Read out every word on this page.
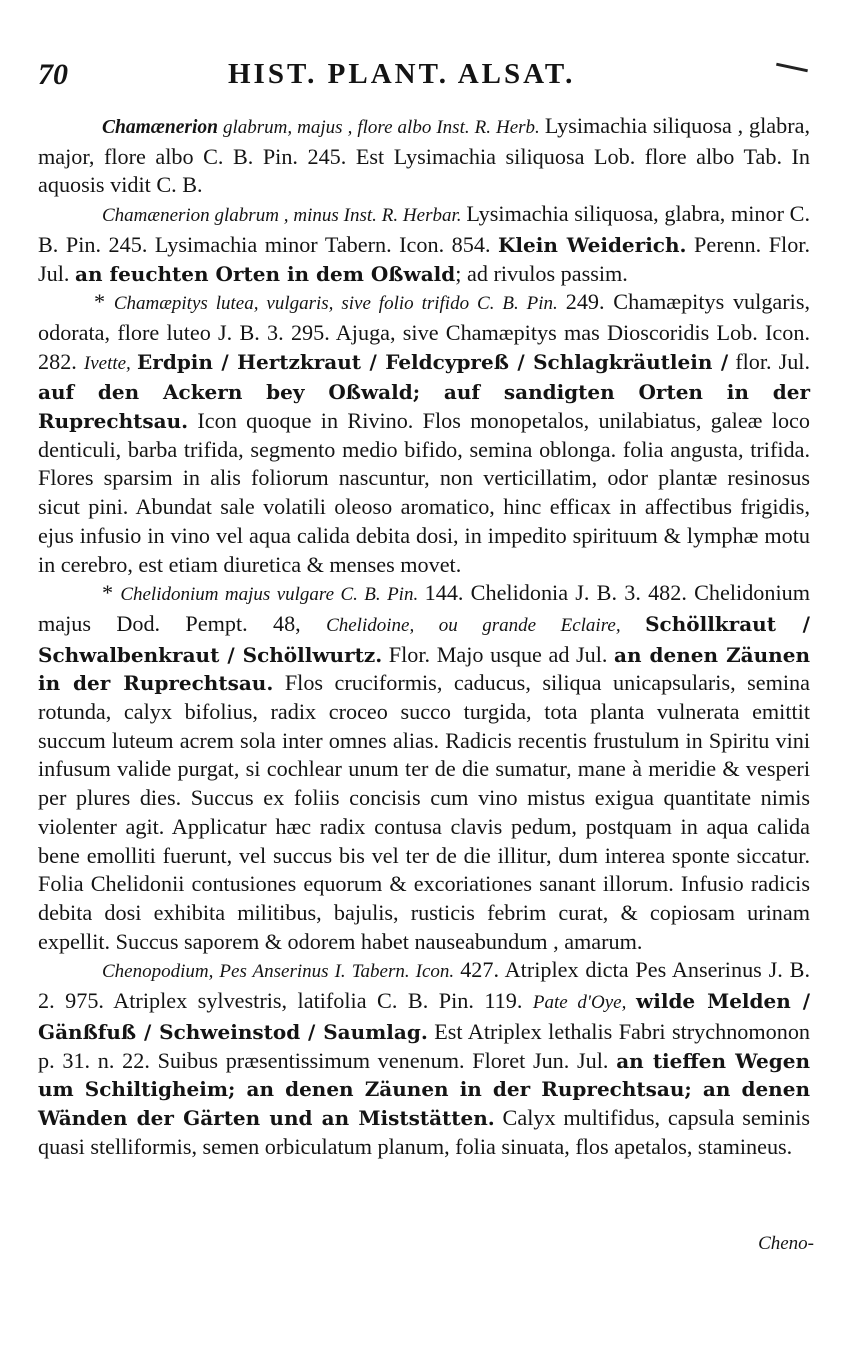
70	HIST. PLANT. ALSAT.

Chamænerion glabrum, majus , flore albo Inst. R. Herb. Lysimachia siliquosa , glabra, major, flore albo C. B. Pin. 245. Est Lysimachia siliquosa Lob. flore albo Tab. In aquosis vidit C. B.

Chamænerion glabrum , minus Inst. R. Herbar. Lysimachia siliquosa, glabra, minor C. B. Pin. 245. Lysimachia minor Tabern. Icon. 854. Klein Weiderich. Perenn. Flor. Jul. an feuchten Orten in dem Oßwald; ad rivulos passim.

* Chamæpitys lutea, vulgaris, sive folio trifido C. B. Pin. 249. Chamæpitys vulgaris, odorata, flore luteo J. B. 3. 295. Ajuga, sive Chamæpitys mas Dioscoridis Lob. Icon. 282. Ivette, Erdpin / Hertzkraut / Feldcypreß / Schlagkräutlein / flor. Jul. auf den Ackern bey Oßwald; auf sandigten Orten in der Ruprechtsau. Icon quoque in Rivino. Flos monopetalos, unilabiatus, galeæ loco denticuli, barba trifida, segmento medio bifido, semina oblonga. folia angusta, trifida. Flores sparsim in alis foliorum nascuntur, non verticillatim, odor plantæ resinosus sicut pini. Abundat sale volatili oleoso aromatico, hinc efficax in affectibus frigidis, ejus infusio in vino vel aqua calida debita dosi, in impedito spirituum & lymphæ motu in cerebro, est etiam diuretica & menses movet.

* Chelidonium majus vulgare C. B. Pin. 144. Chelidonia J. B. 3. 482. Chelidonium majus Dod. Pempt. 48, Chelidoine, ou grande Eclaire, Schöllkraut / Schwalbenkraut / Schöllwurtz. Flor. Majo usque ad Jul. an denen Zäunen in der Ruprechtsau. Flos cruciformis, caducus, siliqua unicapsularis, semina rotunda, calyx bifolius, radix croceo succo turgida, tota planta vulnerata emittit succum luteum acrem sola inter omnes alias. Radicis recentis frustulum in Spiritu vini infusum valide purgat, si cochlear unum ter de die sumatur, mane à meridie & vesperi per plures dies. Succus ex foliis concisis cum vino mistus exigua quantitate nimis violenter agit. Applicatur hæc radix contusa clavis pedum, postquam in aqua calida bene emolliti fuerunt, vel succus bis vel ter de die illitur, dum interea sponte siccatur. Folia Chelidonii contusiones equorum & excoriationes sanant illorum. Infusio radicis debita dosi exhibita militibus, bajulis, rusticis febrim curat, & copiosam urinam expellit. Succus saporem & odorem habet nauseabundum , amarum.

Chenopodium, Pes Anserinus I. Tabern. Icon. 427. Atriplex dicta Pes Anserinus J. B. 2. 975. Atriplex sylvestris, latifolia C. B. Pin. 119. Pate d'Oye, wilde Melden / Gänßfuß / Schweinstod / Saumlag. Est Atriplex lethalis Fabri strychnomonon p. 31. n. 22. Suibus præsentissimum venenum. Floret Jun. Jul. an tieffen Wegen um Schiltigheim; an denen Zäunen in der Ruprechtsau; an denen Wänden der Gärten und an Miststätten. Calyx multifidus, capsula seminis quasi stelliformis, semen orbiculatum planum, folia sinuata, flos apetalos, stamineus.

Cheno-
